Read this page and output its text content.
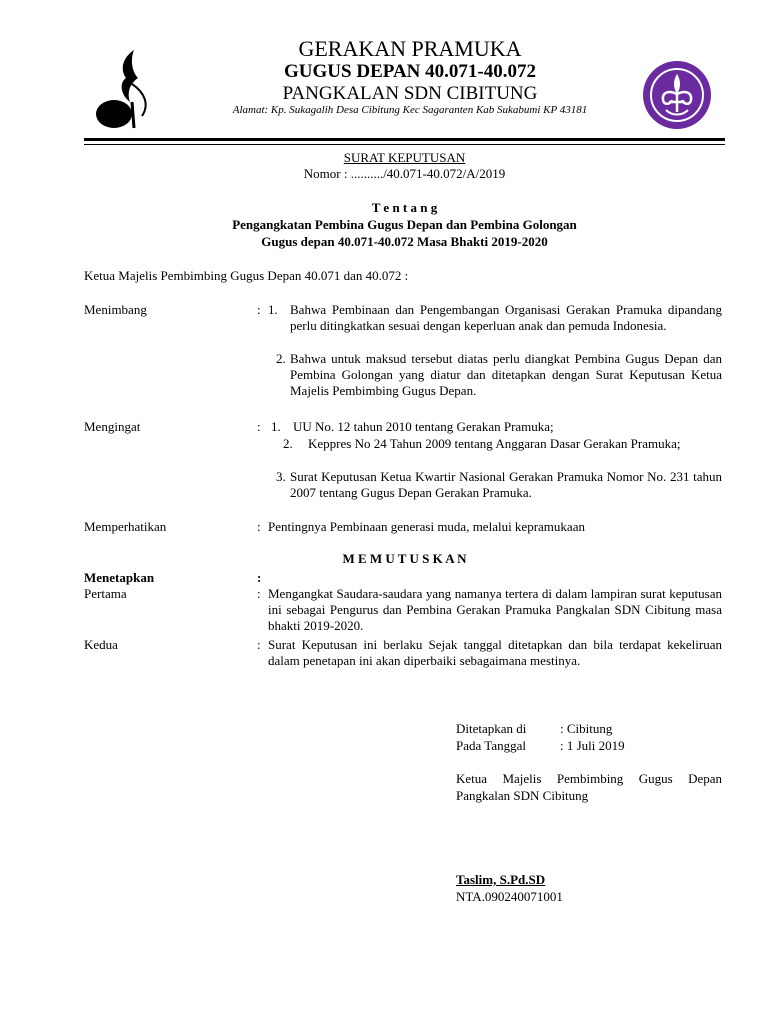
GERAKAN PRAMUKA
GUGUS DEPAN 40.071-40.072
PANGKALAN SDN CIBITUNG
Alamat: Kp. Sukagalih Desa Cibitung Kec Sagaranten Kab Sukabumi KP 43181
SURAT KEPUTUSAN
Nomor : ........../40.071-40.072/A/2019
T e n t a n g
Pengangkatan Pembina Gugus Depan dan Pembina Golongan
Gugus depan 40.071-40.072 Masa Bhakti 2019-2020
Ketua Majelis Pembimbing Gugus Depan 40.071 dan 40.072 :
Menimbang	: 1. Bahwa Pembinaan dan Pengembangan Organisasi Gerakan Pramuka dipandang perlu ditingkatkan sesuai dengan keperluan anak dan pemuda Indonesia.
2. Bahwa untuk maksud tersebut diatas perlu diangkat Pembina Gugus Depan dan Pembina Golongan yang diatur dan ditetapkan dengan Surat Keputusan Ketua Majelis Pembimbing Gugus Depan.
Mengingat	: 1. UU No. 12 tahun 2010 tentang Gerakan Pramuka;
2. Keppres No 24 Tahun 2009 tentang Anggaran Dasar Gerakan Pramuka;
3. Surat Keputusan Ketua Kwartir Nasional Gerakan Pramuka Nomor No. 231 tahun 2007 tentang Gugus Depan Gerakan Pramuka.
Memperhatikan	: Pentingnya Pembinaan generasi muda, melalui kepramukaan
M E M U T U S K A N
Menetapkan	:
Pertama	: Mengangkat Saudara-saudara yang namanya tertera di dalam lampiran surat keputusan ini sebagai Pengurus dan Pembina Gerakan Pramuka Pangkalan SDN Cibitung masa bhakti 2019-2020.
Kedua	: Surat Keputusan ini berlaku Sejak tanggal ditetapkan dan bila terdapat kekeliruan dalam penetapan ini akan diperbaiki sebagaimana mestinya.
Ditetapkan di	: Cibitung
Pada Tanggal	: 1 Juli 2019
Ketua Majelis Pembimbing Gugus Depan
Pangkalan SDN Cibitung
Taslim, S.Pd.SD
NTA.090240071001
